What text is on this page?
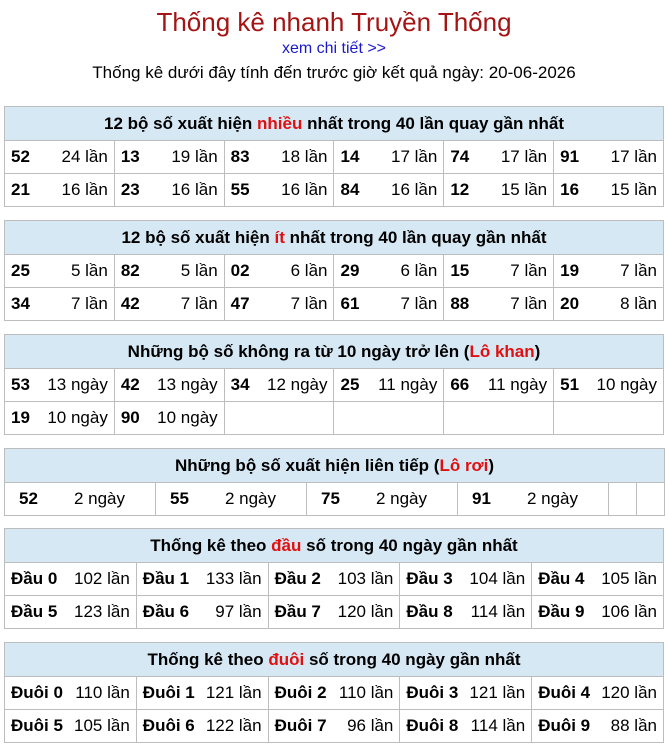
Thống kê nhanh Truyền Thống
xem chi tiết >>
Thống kê dưới đây tính đến trước giờ kết quả ngày: 20-06-2026
12 bộ số xuất hiện nhiều nhất trong 40 lần quay gần nhất					
52 24 lần	13 19 lần	83 18 lần	14 17 lần	74 17 lần	91 17 lần

21 16 lần	23 16 lần	55 16 lần	84 16 lần	12 15 lần	16 15 lần
12 bộ số xuất hiện ít nhất trong 40 lần quay gần nhất					
25 5 lần	82 5 lần	02 6 lần	29 6 lần	15 7 lần	19 7 lần

34 7 lần	42 7 lần	47 7 lần	61 7 lần	88 7 lần	20 8 lần
Những bộ số không ra từ 10 ngày trở lên (Lô khan)					
53 13 ngày	42 13 ngày	34 12 ngày	25 11 ngày	66 11 ngày	51 10 ngày

19 10 ngày	90 10 ngày				

Những bộ số xuất hiện liên tiếp (Lô rơi)
52 2 ngày	55 2 ngày	75 2 ngày	91 2 ngày

Thống kê theo đầu số trong 40 ngày gần nhất				
Đầu 0 102 lần	Đầu 1 133 lần	Đầu 2 103 lần	Đầu 3 104 lần	Đầu 4 105 lần

Đầu 5 123 lần	Đầu 6 97 lần	Đầu 7 120 lần	Đầu 8 114 lần	Đầu 9 106 lần
Thống kê theo đuôi số trong 40 ngày gần nhất				
Đuôi 0 110 lần	Đuôi 1 121 lần	Đuôi 2 110 lần	Đuôi 3 121 lần	Đuôi 4 120 lần

Đuôi 5 105 lần	Đuôi 6 122 lần	Đuôi 7 96 lần	Đuôi 8 114 lần	Đuôi 9 88 lần
